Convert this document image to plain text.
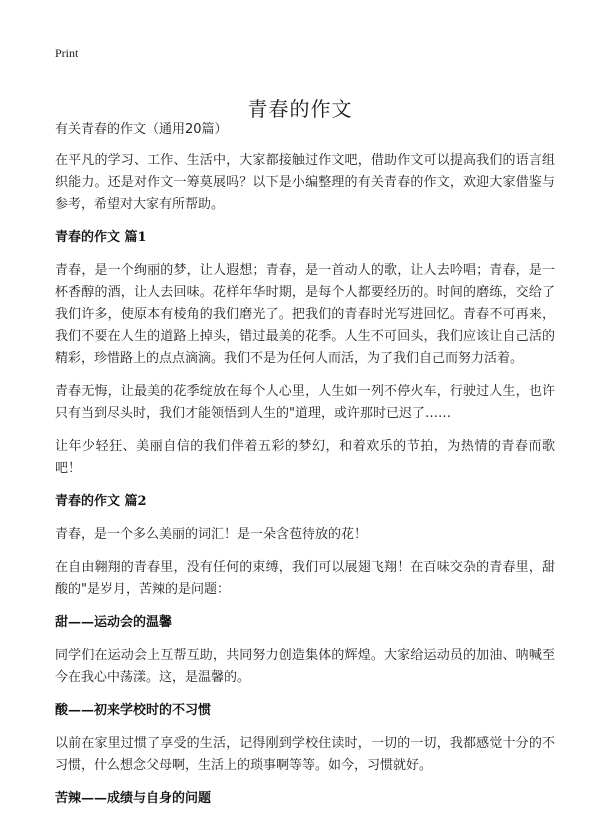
Print
青春的作文

有关青春的作文（通用20篇）

在平凡的学习、工作、生活中，大家都接触过作文吧，借助作文可以提高我们的语言组织能力。还是对作文一筹莫展吗？以下是小编整理的有关青春的作文，欢迎大家借鉴与参考，希望对大家有所帮助。

青春的作文 篇1

青春，是一个绚丽的梦，让人遐想；青春，是一首动人的歌，让人去吟唱；青春，是一杯香醇的酒，让人去回味。花样年华时期，是每个人都要经历的。时间的磨练，交给了我们许多，使原本有棱角的我们磨光了。把我们的青春时光写进回忆。青春不可再来，我们不要在人生的道路上掉头，错过最美的花季。人生不可回头，我们应该让自己活的精彩，珍惜路上的点点滴滴。我们不是为任何人而活，为了我们自己而努力活着。

青春无悔，让最美的花季绽放在每个人心里，人生如一列不停火车，行驶过人生，也许只有当到尽头时，我们才能领悟到人生的"道理，或许那时已迟了……

让年少轻狂、美丽自信的我们伴着五彩的梦幻，和着欢乐的节拍，为热情的青春而歌吧！

青春的作文 篇2

青春，是一个多么美丽的词汇！是一朵含苞待放的花！

在自由翱翔的青春里，没有任何的束缚，我们可以展翅飞翔！在百味交杂的青春里，甜酸的"是岁月，苦辣的是问题：

甜——运动会的温馨

同学们在运动会上互帮互助，共同努力创造集体的辉煌。大家给运动员的加油、呐喊至今在我心中荡漾。这，是温馨的。

酸——初来学校时的不习惯

以前在家里过惯了享受的生活，记得刚到学校住读时，一切的一切，我都感觉十分的不习惯，什么想念父母啊，生活上的琐事啊等等。如今，习惯就好。

苦辣——成绩与自身的问题
